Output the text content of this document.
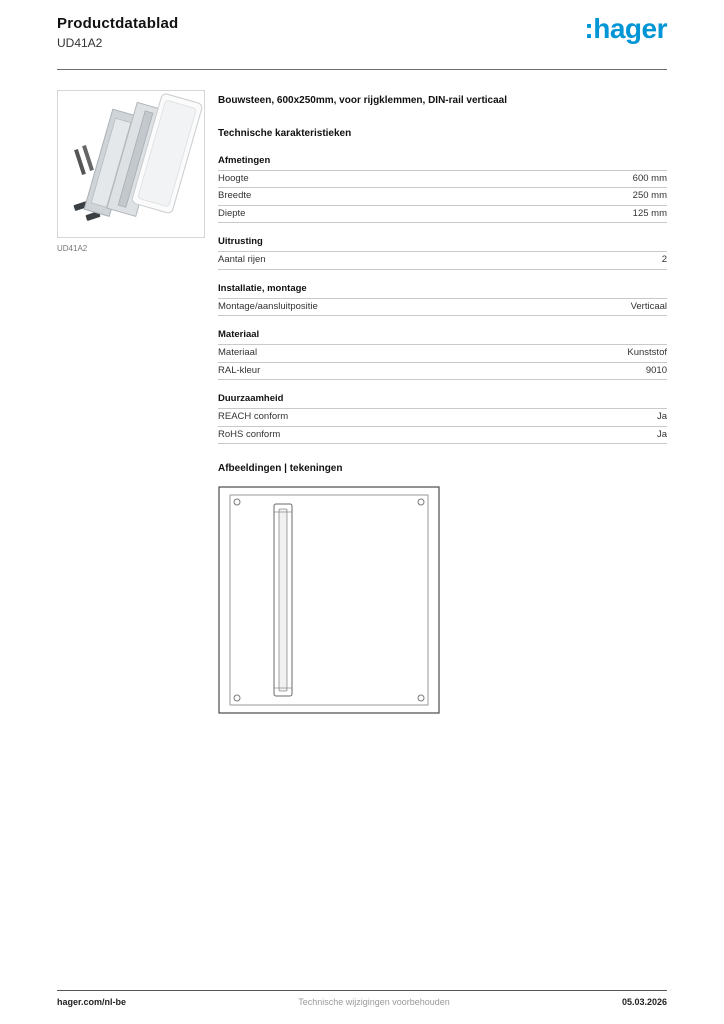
Productdatablad
UD41A2	:hager
UD41A2
Bouwsteen, 600x250mm, voor rijgklemmen, DIN-rail verticaal
Technische karakteristieken
Afmetingen
Hoogte	600 mm
Breedte	250 mm
Diepte	125 mm
Uitrusting
Aantal rijen	2
Installatie, montage
Montage/aansluitpositie	Verticaal
Materiaal
Materiaal	Kunststof
RAL-kleur	9010
Duurzaamheid
REACH conform	Ja
RoHS conform	Ja
Afbeeldingen | tekeningen
hager.com/nl-be	Technische wijzigingen voorbehouden	05.03.2026
